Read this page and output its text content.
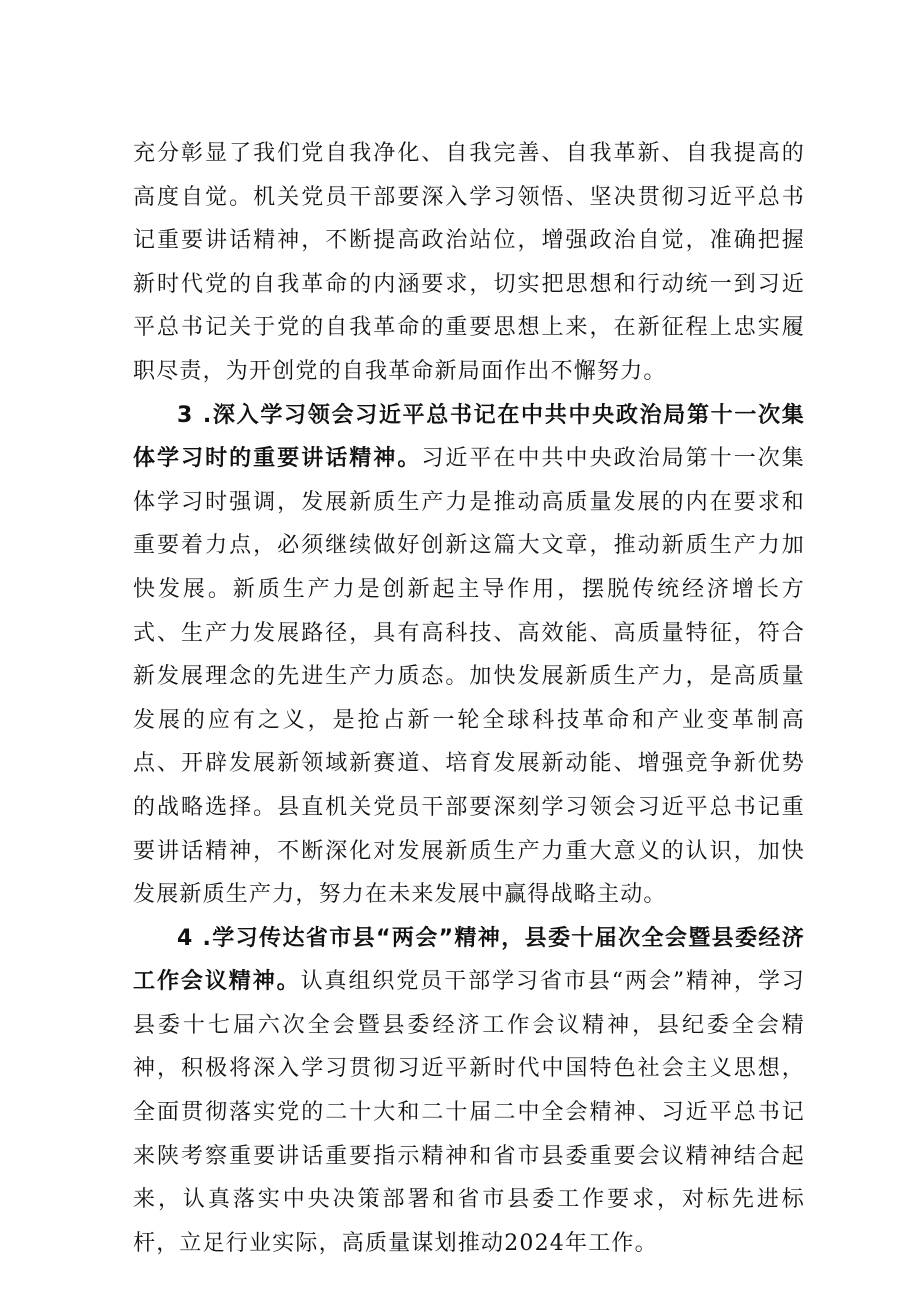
充分彰显了我们党自我净化、自我完善、自我革新、自我提高的高度自觉。机关党员干部要深入学习领悟、坚决贯彻习近平总书记重要讲话精神，不断提高政治站位，增强政治自觉，准确把握新时代党的自我革命的内涵要求，切实把思想和行动统一到习近平总书记关于党的自我革命的重要思想上来，在新征程上忠实履职尽责，为开创党的自我革命新局面作出不懈努力。

3 .深入学习领会习近平总书记在中共中央政治局第十一次集体学习时的重要讲话精神。习近平在中共中央政治局第十一次集体学习时强调，发展新质生产力是推动高质量发展的内在要求和重要着力点，必须继续做好创新这篇大文章，推动新质生产力加快发展。新质生产力是创新起主导作用，摆脱传统经济增长方式、生产力发展路径，具有高科技、高效能、高质量特征，符合新发展理念的先进生产力质态。加快发展新质生产力，是高质量发展的应有之义，是抢占新一轮全球科技革命和产业变革制高点、开辟发展新领域新赛道、培育发展新动能、增强竞争新优势的战略选择。县直机关党员干部要深刻学习领会习近平总书记重要讲话精神，不断深化对发展新质生产力重大意义的认识，加快发展新质生产力，努力在未来发展中赢得战略主动。

4 .学习传达省市县“两会”精神，县委十届次全会暨县委经济工作会议精神。认真组织党员干部学习省市县“两会”精神，学习县委十七届六次全会暨县委经济工作会议精神，县纪委全会精神，积极将深入学习贯彻习近平新时代中国特色社会主义思想，全面贯彻落实党的二十大和二十届二中全会精神、习近平总书记来陕考察重要讲话重要指示精神和省市县委重要会议精神结合起来，认真落实中央决策部署和省市县委工作要求，对标先进标杆，立足行业实际，高质量谋划推动2024年工作。
